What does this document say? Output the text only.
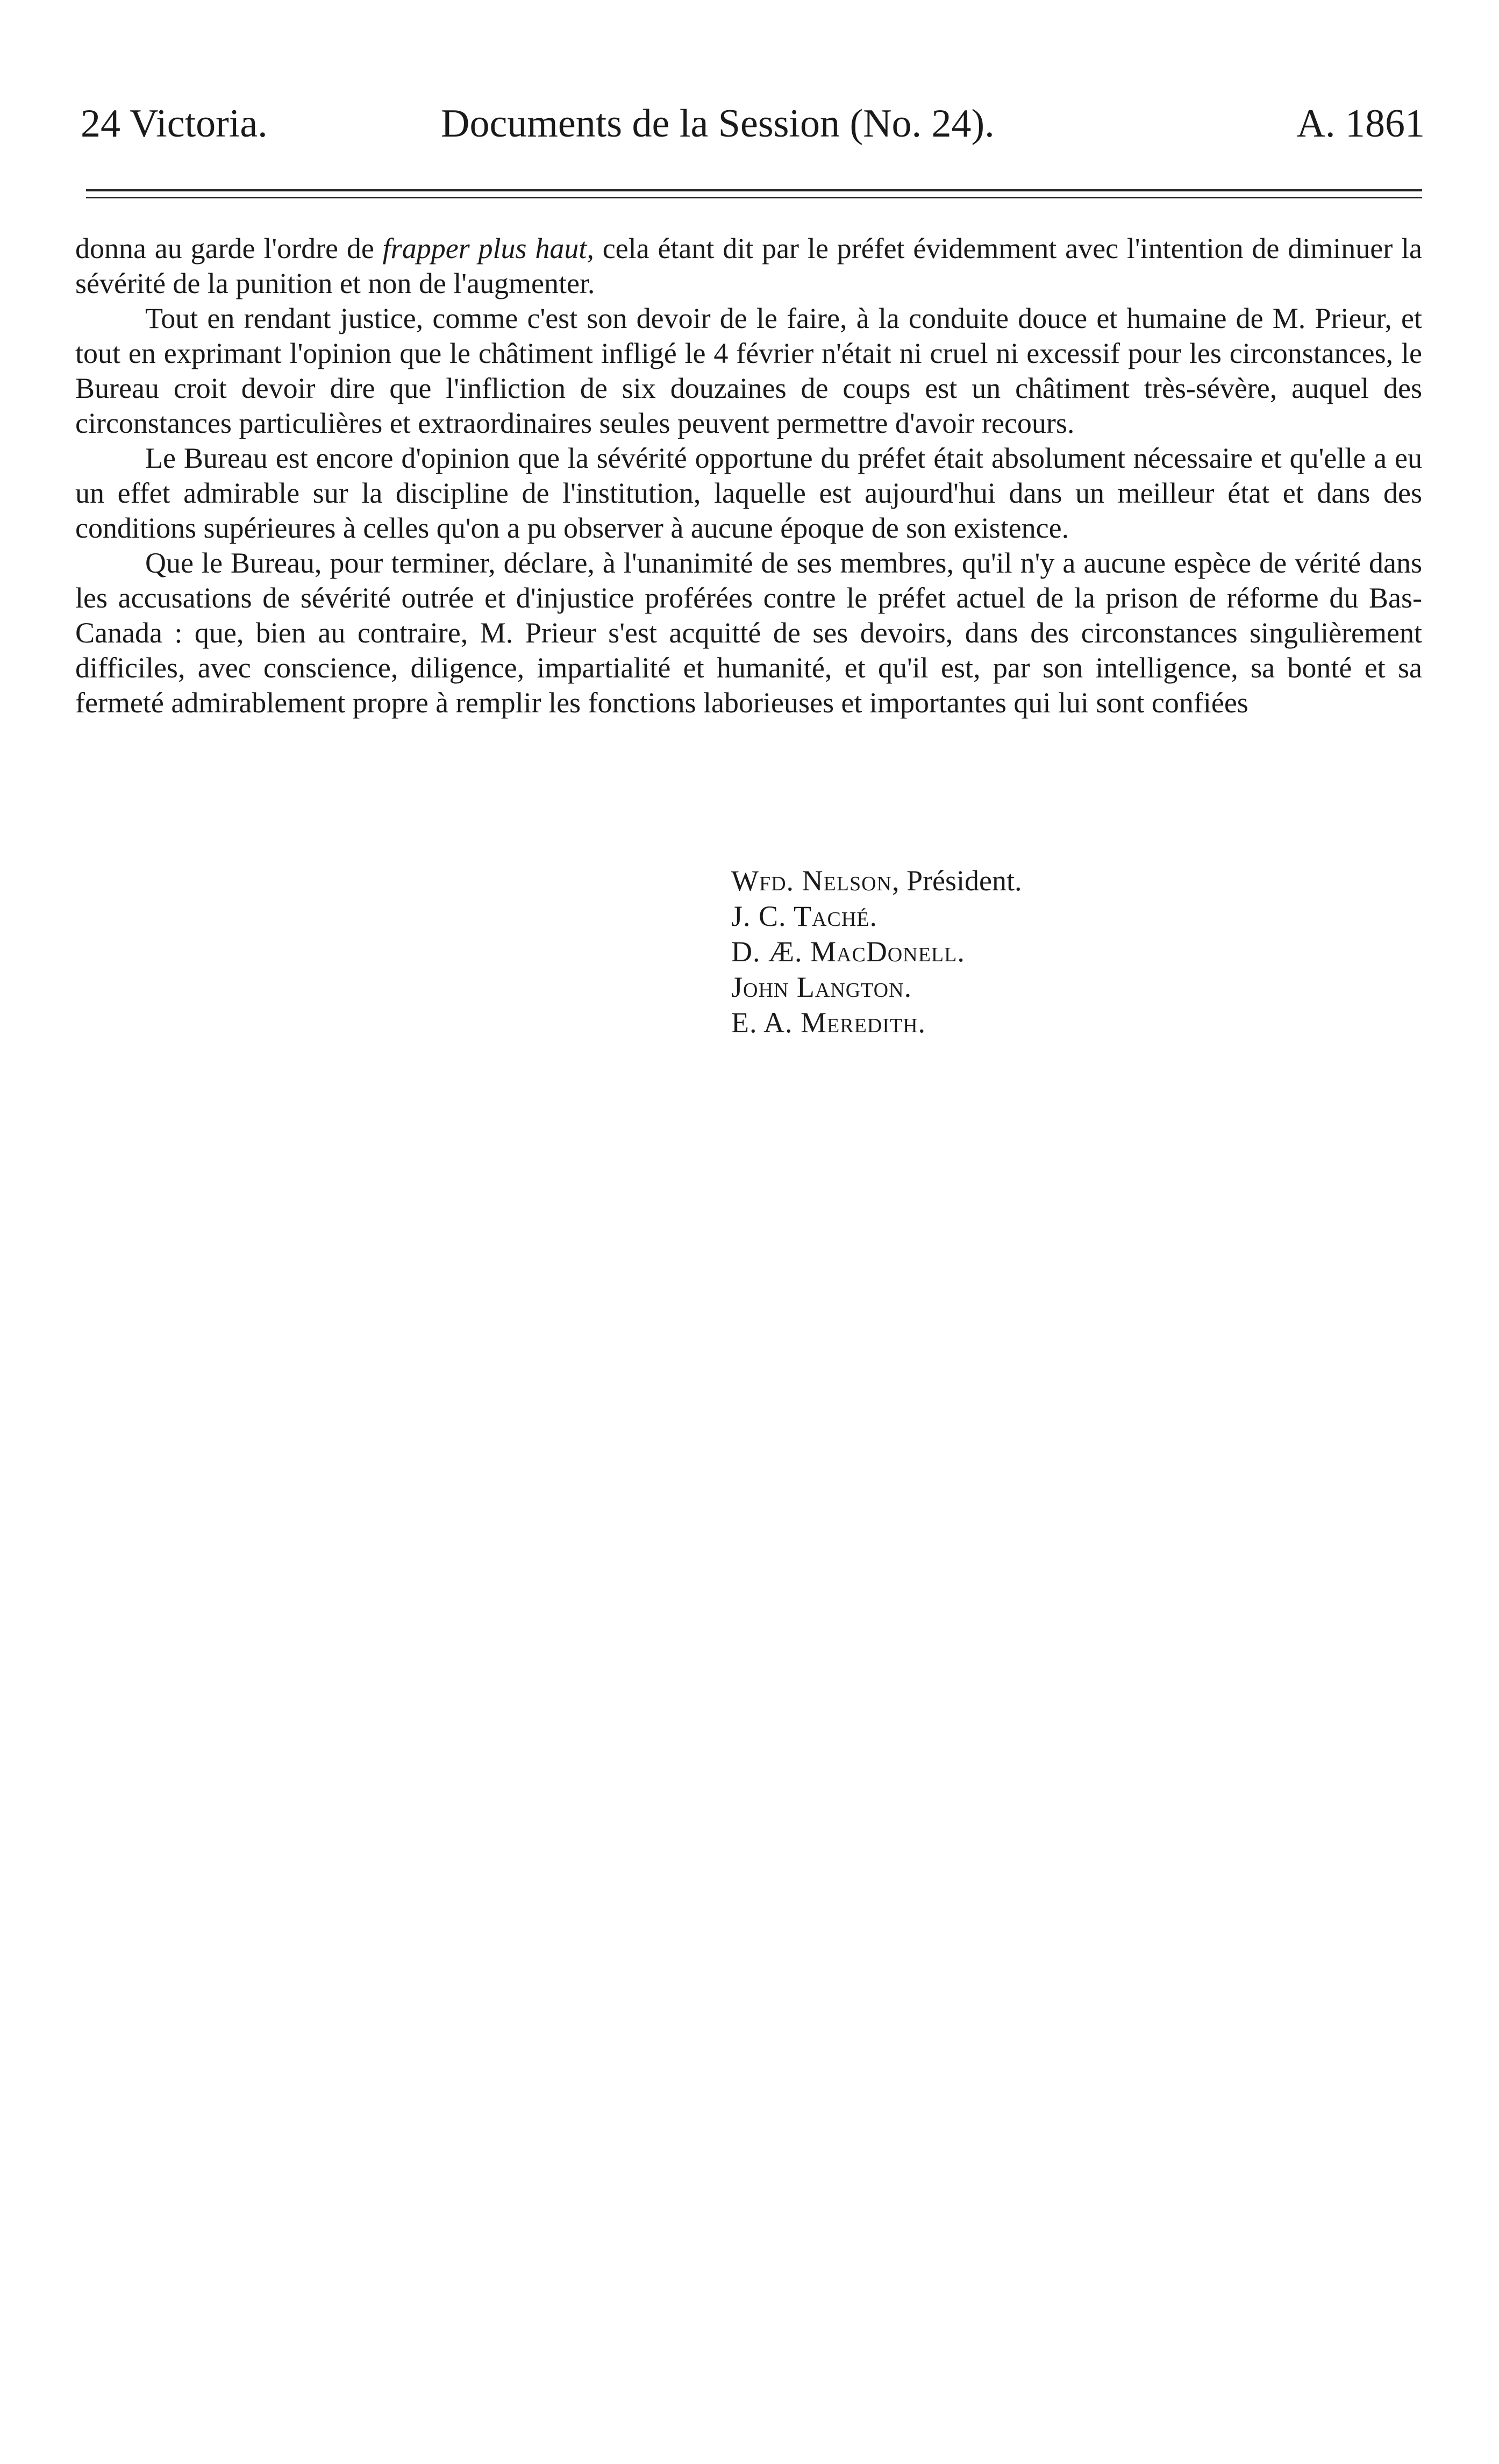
24 Victoria.	Documents de la Session (No. 24).	A. 1861

donna au garde l'ordre de frapper plus haut, cela étant dit par le préfet évidemment avec l'intention de diminuer la sévérité de la punition et non de l'augmenter.

Tout en rendant justice, comme c'est son devoir de le faire, à la conduite douce et humaine de M. Prieur, et tout en exprimant l'opinion que le châtiment infligé le 4 février n'était ni cruel ni excessif pour les circonstances, le Bureau croit devoir dire que l'infliction de six douzaines de coups est un châtiment très-sévère, auquel des circonstances particulières et extraordinaires seules peuvent permettre d'avoir recours.

Le Bureau est encore d'opinion que la sévérité opportune du préfet était absolument nécessaire et qu'elle a eu un effet admirable sur la discipline de l'institution, laquelle est aujourd'hui dans un meilleur état et dans des conditions supérieures à celles qu'on a pu observer à aucune époque de son existence.

Que le Bureau, pour terminer, déclare, à l'unanimité de ses membres, qu'il n'y a aucune espèce de vérité dans les accusations de sévérité outrée et d'injustice proférées contre le préfet actuel de la prison de réforme du Bas-Canada : que, bien au contraire, M. Prieur s'est acquitté de ses devoirs, dans des circonstances singulièrement difficiles, avec conscience, diligence, impartialité et humanité, et qu'il est, par son intelligence, sa bonté et sa fermeté admirablement propre à remplir les fonctions laborieuses et importantes qui lui sont confiées

Wfd. Nelson, Président.
J. C. Taché.
D. Æ. MacDonell.
John Langton.
E. A. Meredith.
